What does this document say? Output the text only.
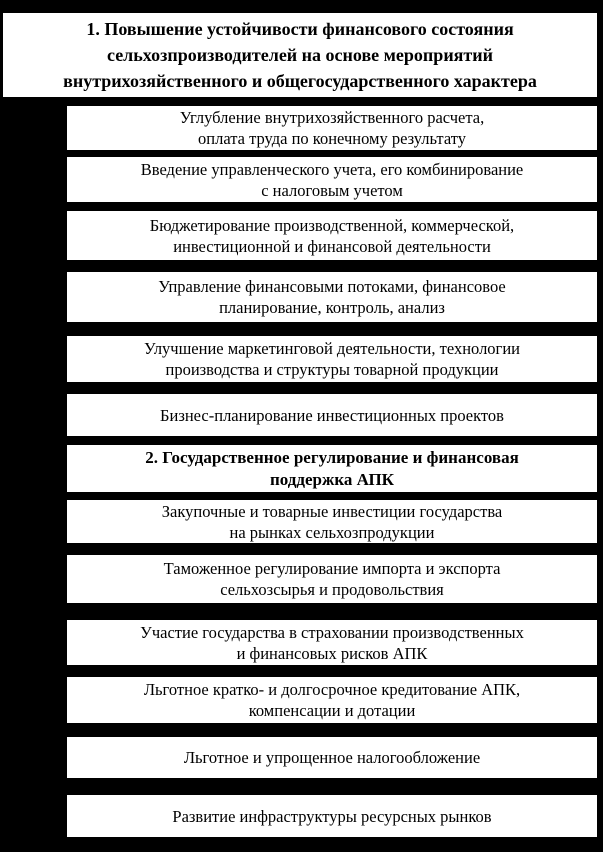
1. Повышение устойчивости финансового состояния
сельхозпроизводителей на основе мероприятий
внутрихозяйственного и общегосударственного характера
Углубление внутрихозяйственного расчета,
оплата труда по конечному результату
Введение управленческого учета, его комбинирование
с налоговым учетом
Бюджетирование производственной, коммерческой,
инвестиционной и финансовой деятельности
Управление финансовыми потоками, финансовое
планирование, контроль, анализ
Улучшение маркетинговой деятельности, технологии
производства и структуры товарной продукции
Бизнес-планирование инвестиционных проектов
2. Государственное регулирование и финансовая
поддержка АПК
Закупочные и товарные инвестиции государства
на рынках сельхозпродукции
Таможенное регулирование импорта и экспорта
сельхозсырья и продовольствия
Участие государства в страховании производственных
и финансовых рисков АПК
Льготное кратко- и долгосрочное кредитование АПК,
компенсации и дотации
Льготное и упрощенное налогообложение
Развитие инфраструктуры ресурсных рынков
